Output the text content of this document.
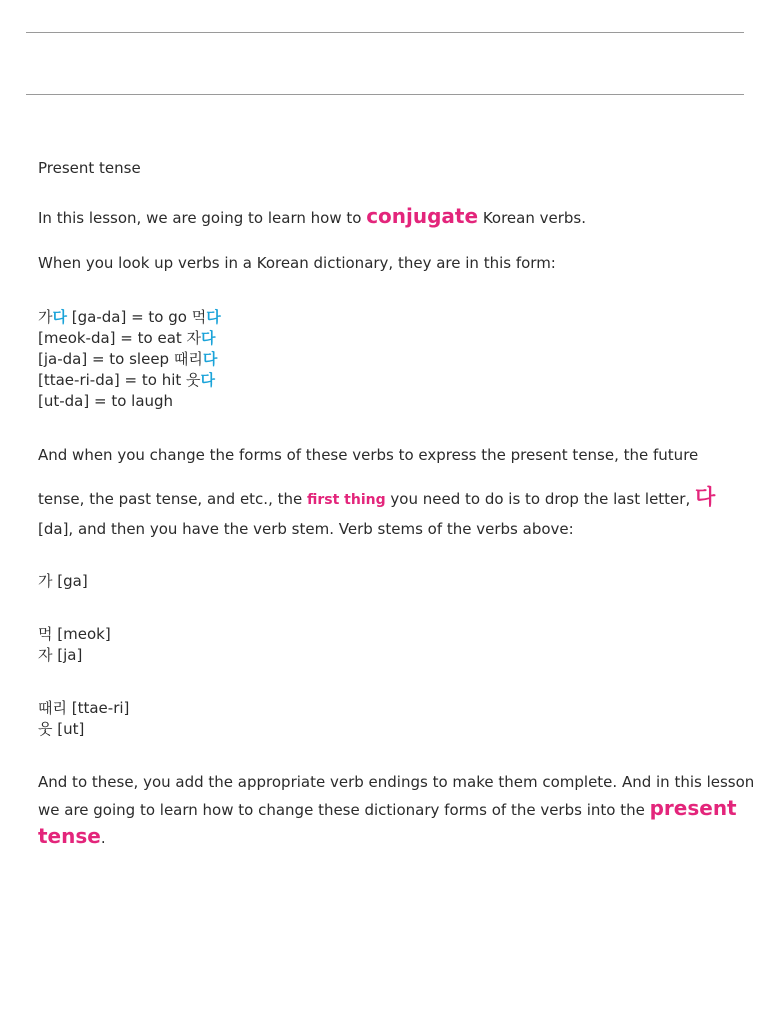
Present tense
In this lesson, we are going to learn how to conjugate Korean verbs.
When you look up verbs in a Korean dictionary, they are in this form:
가다 [ga-da] = to go 먹다
[meok-da] = to eat 자다
[ja-da] = to sleep 때리다
[ttae-ri-da] = to hit 웃다
[ut-da] = to laugh
And when you change the forms of these verbs to express the present tense, the future
tense, the past tense, and etc., the first thing you need to do is to drop the last letter, 다
[da], and then you have the verb stem. Verb stems of the verbs above:
가 [ga]
먹 [meok]
자 [ja]
때리 [ttae-ri]
웃 [ut]
And to these, you add the appropriate verb endings to make them complete. And in this lesson
we are going to learn how to change these dictionary forms of the verbs into the present
tense.
